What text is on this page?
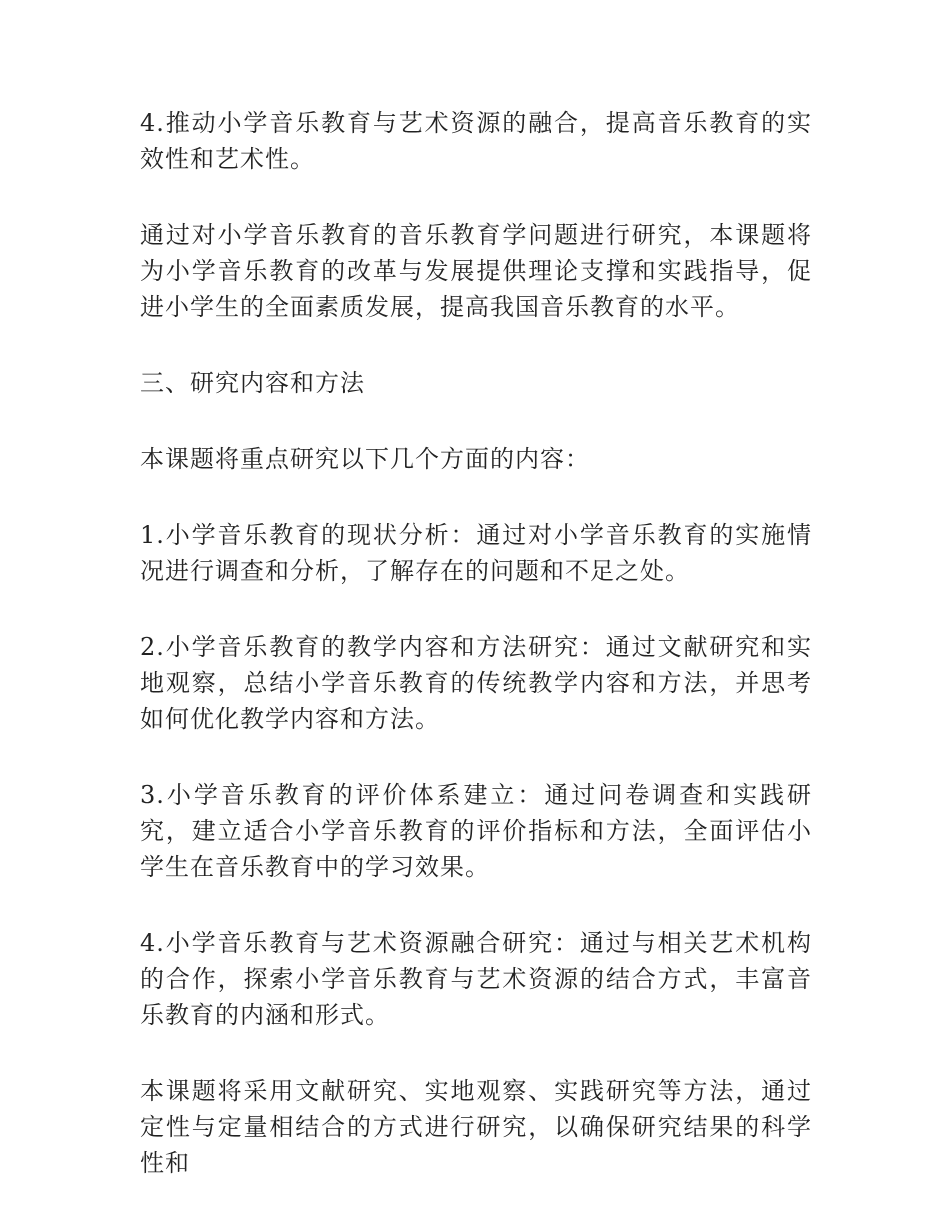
4.推动小学音乐教育与艺术资源的融合，提高音乐教育的实效性和艺术性。

通过对小学音乐教育的音乐教育学问题进行研究，本课题将为小学音乐教育的改革与发展提供理论支撑和实践指导，促进小学生的全面素质发展，提高我国音乐教育的水平。

三、研究内容和方法

本课题将重点研究以下几个方面的内容：

1.小学音乐教育的现状分析：通过对小学音乐教育的实施情况进行调查和分析，了解存在的问题和不足之处。

2.小学音乐教育的教学内容和方法研究：通过文献研究和实地观察，总结小学音乐教育的传统教学内容和方法，并思考如何优化教学内容和方法。

3.小学音乐教育的评价体系建立：通过问卷调查和实践研究，建立适合小学音乐教育的评价指标和方法，全面评估小学生在音乐教育中的学习效果。

4.小学音乐教育与艺术资源融合研究：通过与相关艺术机构的合作，探索小学音乐教育与艺术资源的结合方式，丰富音乐教育的内涵和形式。

本课题将采用文献研究、实地观察、实践研究等方法，通过定性与定量相结合的方式进行研究，以确保研究结果的科学性和
